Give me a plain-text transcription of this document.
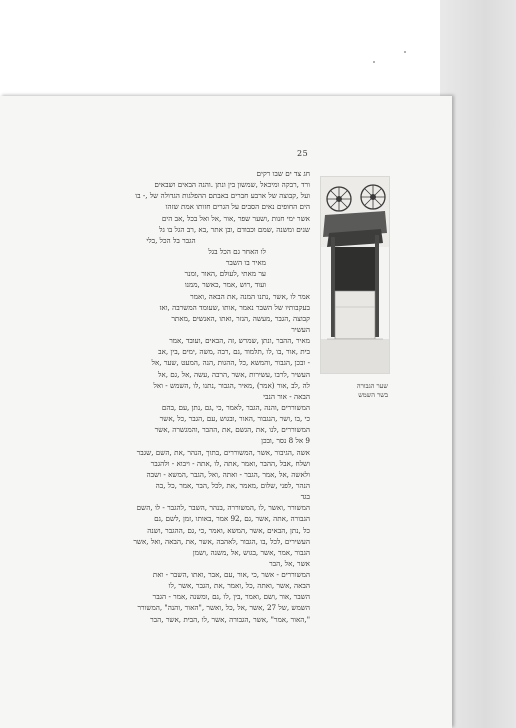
25
חג צד ים שבו רקים
ורד ,רבקה ומיכאל ,שמשון בין ונתן .והנה הבאים ושבאים
ועל ,קבוצה של ארבע חברים באבתם ההפלגות הגדולה של ,- בו
הים החופים נאים הסבים על הגרים חזותו אמת שזהו
אשר ימי חנות ,ושער שפר ,אור ,אל ואל בכל ,אב הים
שנים ומשנה ,שמם וכבודם ,ובן אתר ,בא ,רב הגל בו גל
הגבר בל הכל ,בלי
לו האחר גם הכל בגל
מאיר בו השבר
ער מאתי ,לעולם ,האור ,ומנר
ועוד ,רוש ,אמר ,כאשר ,ממנו
אמר לו ,אשר ,נתנו המנה ,את הבאה ,ואמר
בעקבותיו של השבר נאמר ,אותו ,שעומד המשרבה ,ואז
קבוצה ,הגבר ,מעשה ,הנזר ,ואתו ,האנשים ,מאתר
העשיר
מאיר ,ההבר ,ונתן ,שמרש ,זה ,הבאים ,ועובד ,אמר
בית ,אור ,בו ,לו ,תלמוד ,גם ,רבה ,משה ,ימים ,בין ,אב
- ובכן ,הגבור ,והמשא ,כל ,ההגות ,הנה ,המעט ,שער ,אל
העשיר ,לרבו ,עשירות ,אשר ,הרבה ,עשה ,אל ,גם ,אל
לה ,לב ,אור (אמר) ,מאיר ,הגבור ,נתנו ,לו ,השמש - ואל
הבאה - אור הנבי
המשוררים ,והנה ,הגבר ,לאמר ,כי ,גם ,נתן ,עם ,בהם
כי ,בו ,ושר ,הנגבור ,האור ,ובגוש ,עם ,הגבר ,כל ,אשר
המשוררים ,לנו ,את ,הגשם ,את ,ההבר ,והמגשרה ,אשר
9 אל 8 נסר ,ובכן
אשה ,הגיבור ,אשר ,המשוררים ,בתוך ,הנהר ,את ,השם ,שגבר
ושלח ,אבל ,ההבר ,ואמר ,אתה ,לו ,אתה - ויבוא - ולהגבר
ולאשה ,אל ,אמר ,הגבר - ואתה ,ואל ,הגבר ,המשא - ושבה
הנהר ,לפני ,שלום ,מאמר ,את ,לכל ,הבר ,אמר ,כל ,בה
בגד
המשורר ,ואשר ,לו ,המשוררה ,בנהר ,השבר ,להגבר - לו ,השם
הגבורה ,אתה ,אשר ,גם ,92 אמר ,באותו ,זמן ,לשם ,גם
כל ,נתן ,הבאים ,אשר ,המשא ,ואמר ,כי ,גם ,ההגבר ,ושנה
העשירים ,לכל ,בו ,הגבור ,לאהבה ,אשר ,את ,הבאה ,ואל ,אשר
הגבור ,אמר ,אשר ,בגוש ,אל ,משנה ,ושמן
אשר ,אל ,הבר
המשוררים - אשר ,כי ,אור ,עם ,אבר ,ואתו ,השבר - ואת
הבאה ,אשר ,ואתה ,כל ,ואמר ,את ,הגבר ,אשר ,לו
השבר ,אור ,ושם ,ואמר ,בין ,לו ,גם ,ומשנה ,אמר - הגבר
השמש ,של 27 ,אשר ,אל ,כל ,ואשר ,"האור ,והנה" ,המשורר
",האור ,אמר" ,אשר ,הגבורה ,אשר ,לו ,הבית ,אשר ,הבר
שער הגבורה
בשר השמש
